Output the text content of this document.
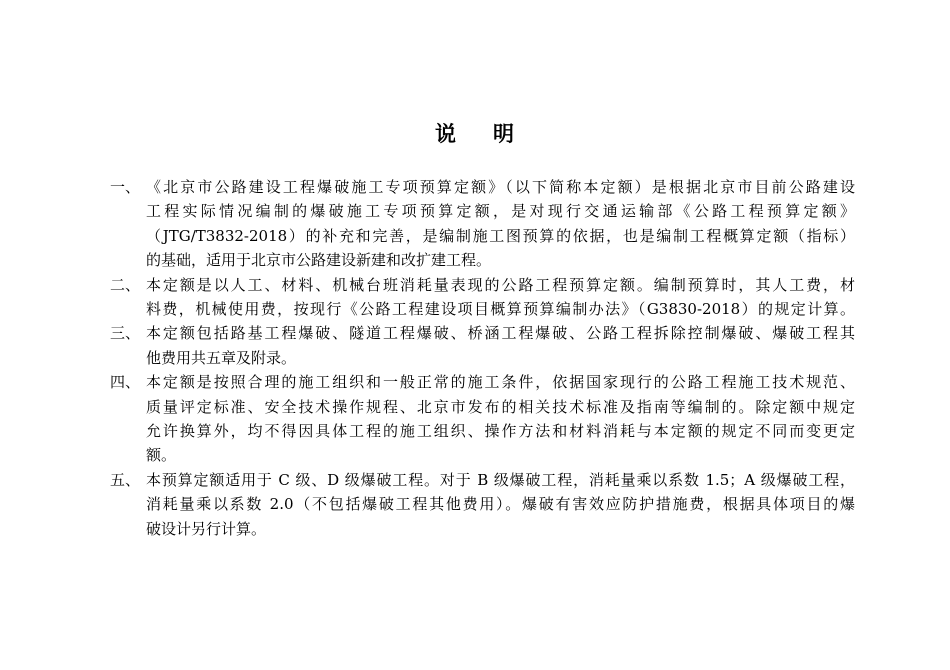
说 明
一、 《北京市公路建设工程爆破施工专项预算定额》（以下简称本定额）是根据北京市目前公路建设
工程实际情况编制的爆破施工专项预算定额，是对现行交通运输部《公路工程预算定额》
（JTG/T3832-2018）的补充和完善，是编制施工图预算的依据，也是编制工程概算定额（指标）
的基础，适用于北京市公路建设新建和改扩建工程。
二、 本定额是以人工、材料、机械台班消耗量表现的公路工程预算定额。编制预算时，其人工费，材
料费，机械使用费，按现行《公路工程建设项目概算预算编制办法》（G3830-2018）的规定计算。
三、 本定额包括路基工程爆破、隧道工程爆破、桥涵工程爆破、公路工程拆除控制爆破、爆破工程其
他费用共五章及附录。
四、 本定额是按照合理的施工组织和一般正常的施工条件，依据国家现行的公路工程施工技术规范、
质量评定标准、安全技术操作规程、北京市发布的相关技术标准及指南等编制的。除定额中规定
允许换算外，均不得因具体工程的施工组织、操作方法和材料消耗与本定额的规定不同而变更定
额。
五、 本预算定额适用于 C 级、D 级爆破工程。对于 B 级爆破工程，消耗量乘以系数 1.5；A 级爆破工程，
消耗量乘以系数 2.0（不包括爆破工程其他费用）。爆破有害效应防护措施费，根据具体项目的爆
破设计另行计算。
